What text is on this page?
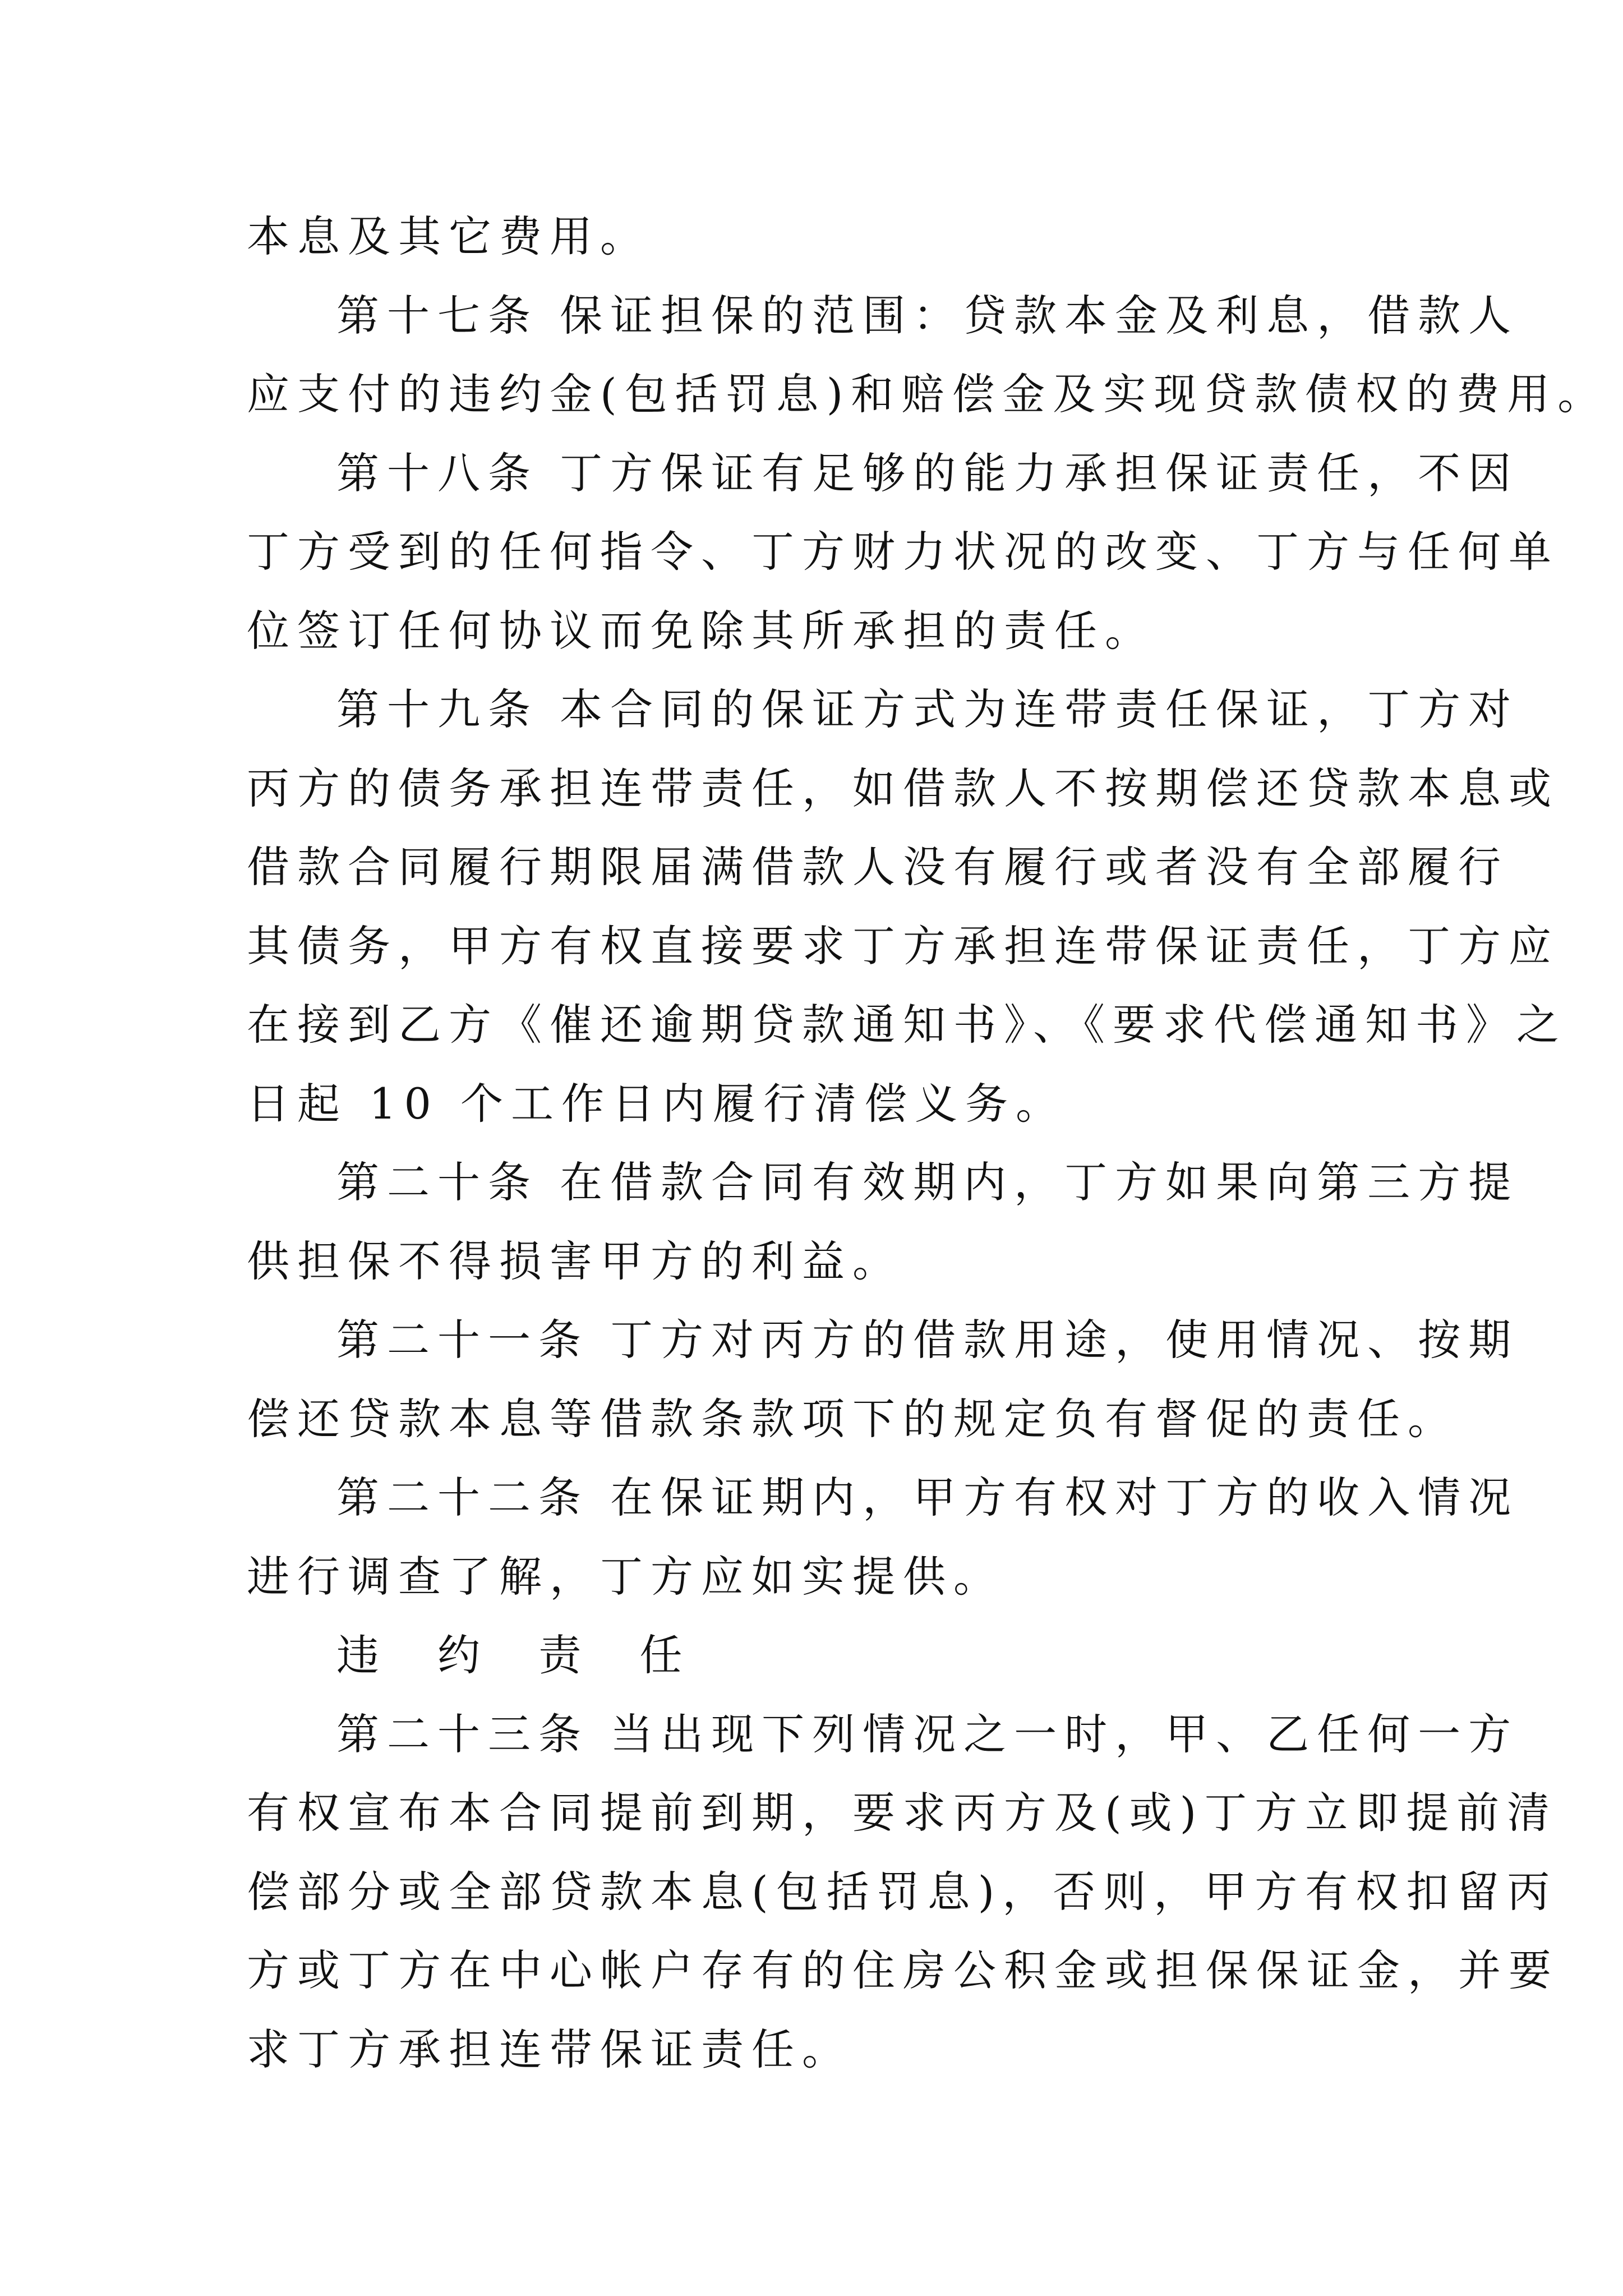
本息及其它费用。
第十七条 保证担保的范围：贷款本金及利息，借款人
应支付的违约金(包括罚息)和赔偿金及实现贷款债权的费用。
第十八条 丁方保证有足够的能力承担保证责任，不因
丁方受到的任何指令、丁方财力状况的改变、丁方与任何单
位签订任何协议而免除其所承担的责任。
第十九条 本合同的保证方式为连带责任保证，丁方对
丙方的债务承担连带责任，如借款人不按期偿还贷款本息或
借款合同履行期限届满借款人没有履行或者没有全部履行
其债务，甲方有权直接要求丁方承担连带保证责任，丁方应
在接到乙方《催还逾期贷款通知书》、《要求代偿通知书》之
日起 10 个工作日内履行清偿义务。
第二十条 在借款合同有效期内，丁方如果向第三方提
供担保不得损害甲方的利益。
第二十一条 丁方对丙方的借款用途，使用情况、按期
偿还贷款本息等借款条款项下的规定负有督促的责任。
第二十二条 在保证期内，甲方有权对丁方的收入情况
进行调查了解，丁方应如实提供。
违 约 责 任
第二十三条 当出现下列情况之一时，甲、乙任何一方
有权宣布本合同提前到期，要求丙方及(或)丁方立即提前清
偿部分或全部贷款本息(包括罚息)，否则，甲方有权扣留丙
方或丁方在中心帐户存有的住房公积金或担保保证金，并要
求丁方承担连带保证责任。
